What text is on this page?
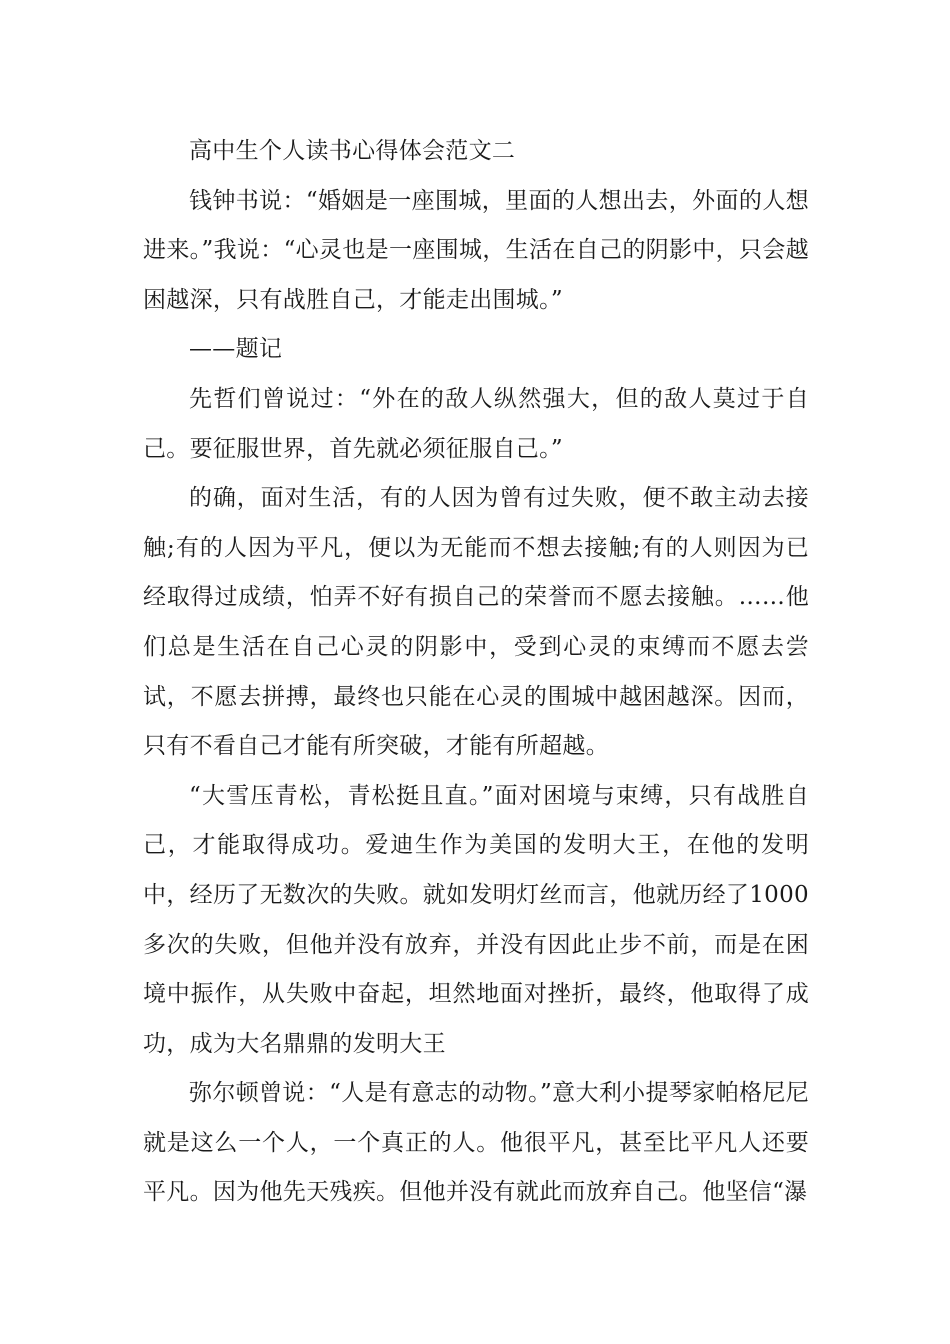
高中生个人读书心得体会范文二

钱钟书说：“婚姻是一座围城，里面的人想出去，外面的人想进来。”我说：“心灵也是一座围城，生活在自己的阴影中，只会越困越深，只有战胜自己，才能走出围城。”

——题记

先哲们曾说过：“外在的敌人纵然强大，但的敌人莫过于自己。要征服世界，首先就必须征服自己。”

的确，面对生活，有的人因为曾有过失败，便不敢主动去接触;有的人因为平凡，便以为无能而不想去接触;有的人则因为已经取得过成绩，怕弄不好有损自己的荣誉而不愿去接触。……他们总是生活在自己心灵的阴影中，受到心灵的束缚而不愿去尝试，不愿去拼搏，最终也只能在心灵的围城中越困越深。因而，只有不看自己才能有所突破，才能有所超越。

“大雪压青松，青松挺且直。”面对困境与束缚，只有战胜自己，才能取得成功。爱迪生作为美国的发明大王，在他的发明中，经历了无数次的失败。就如发明灯丝而言，他就历经了1000多次的失败，但他并没有放弃，并没有因此止步不前，而是在困境中振作，从失败中奋起，坦然地面对挫折，最终，他取得了成功，成为大名鼎鼎的发明大王

弥尔顿曾说：“人是有意志的动物。”意大利小提琴家帕格尼尼就是这么一个人，一个真正的人。他很平凡，甚至比平凡人还要平凡。因为他先天残疾。但他并没有就此而放弃自己。他坚信“瀑
